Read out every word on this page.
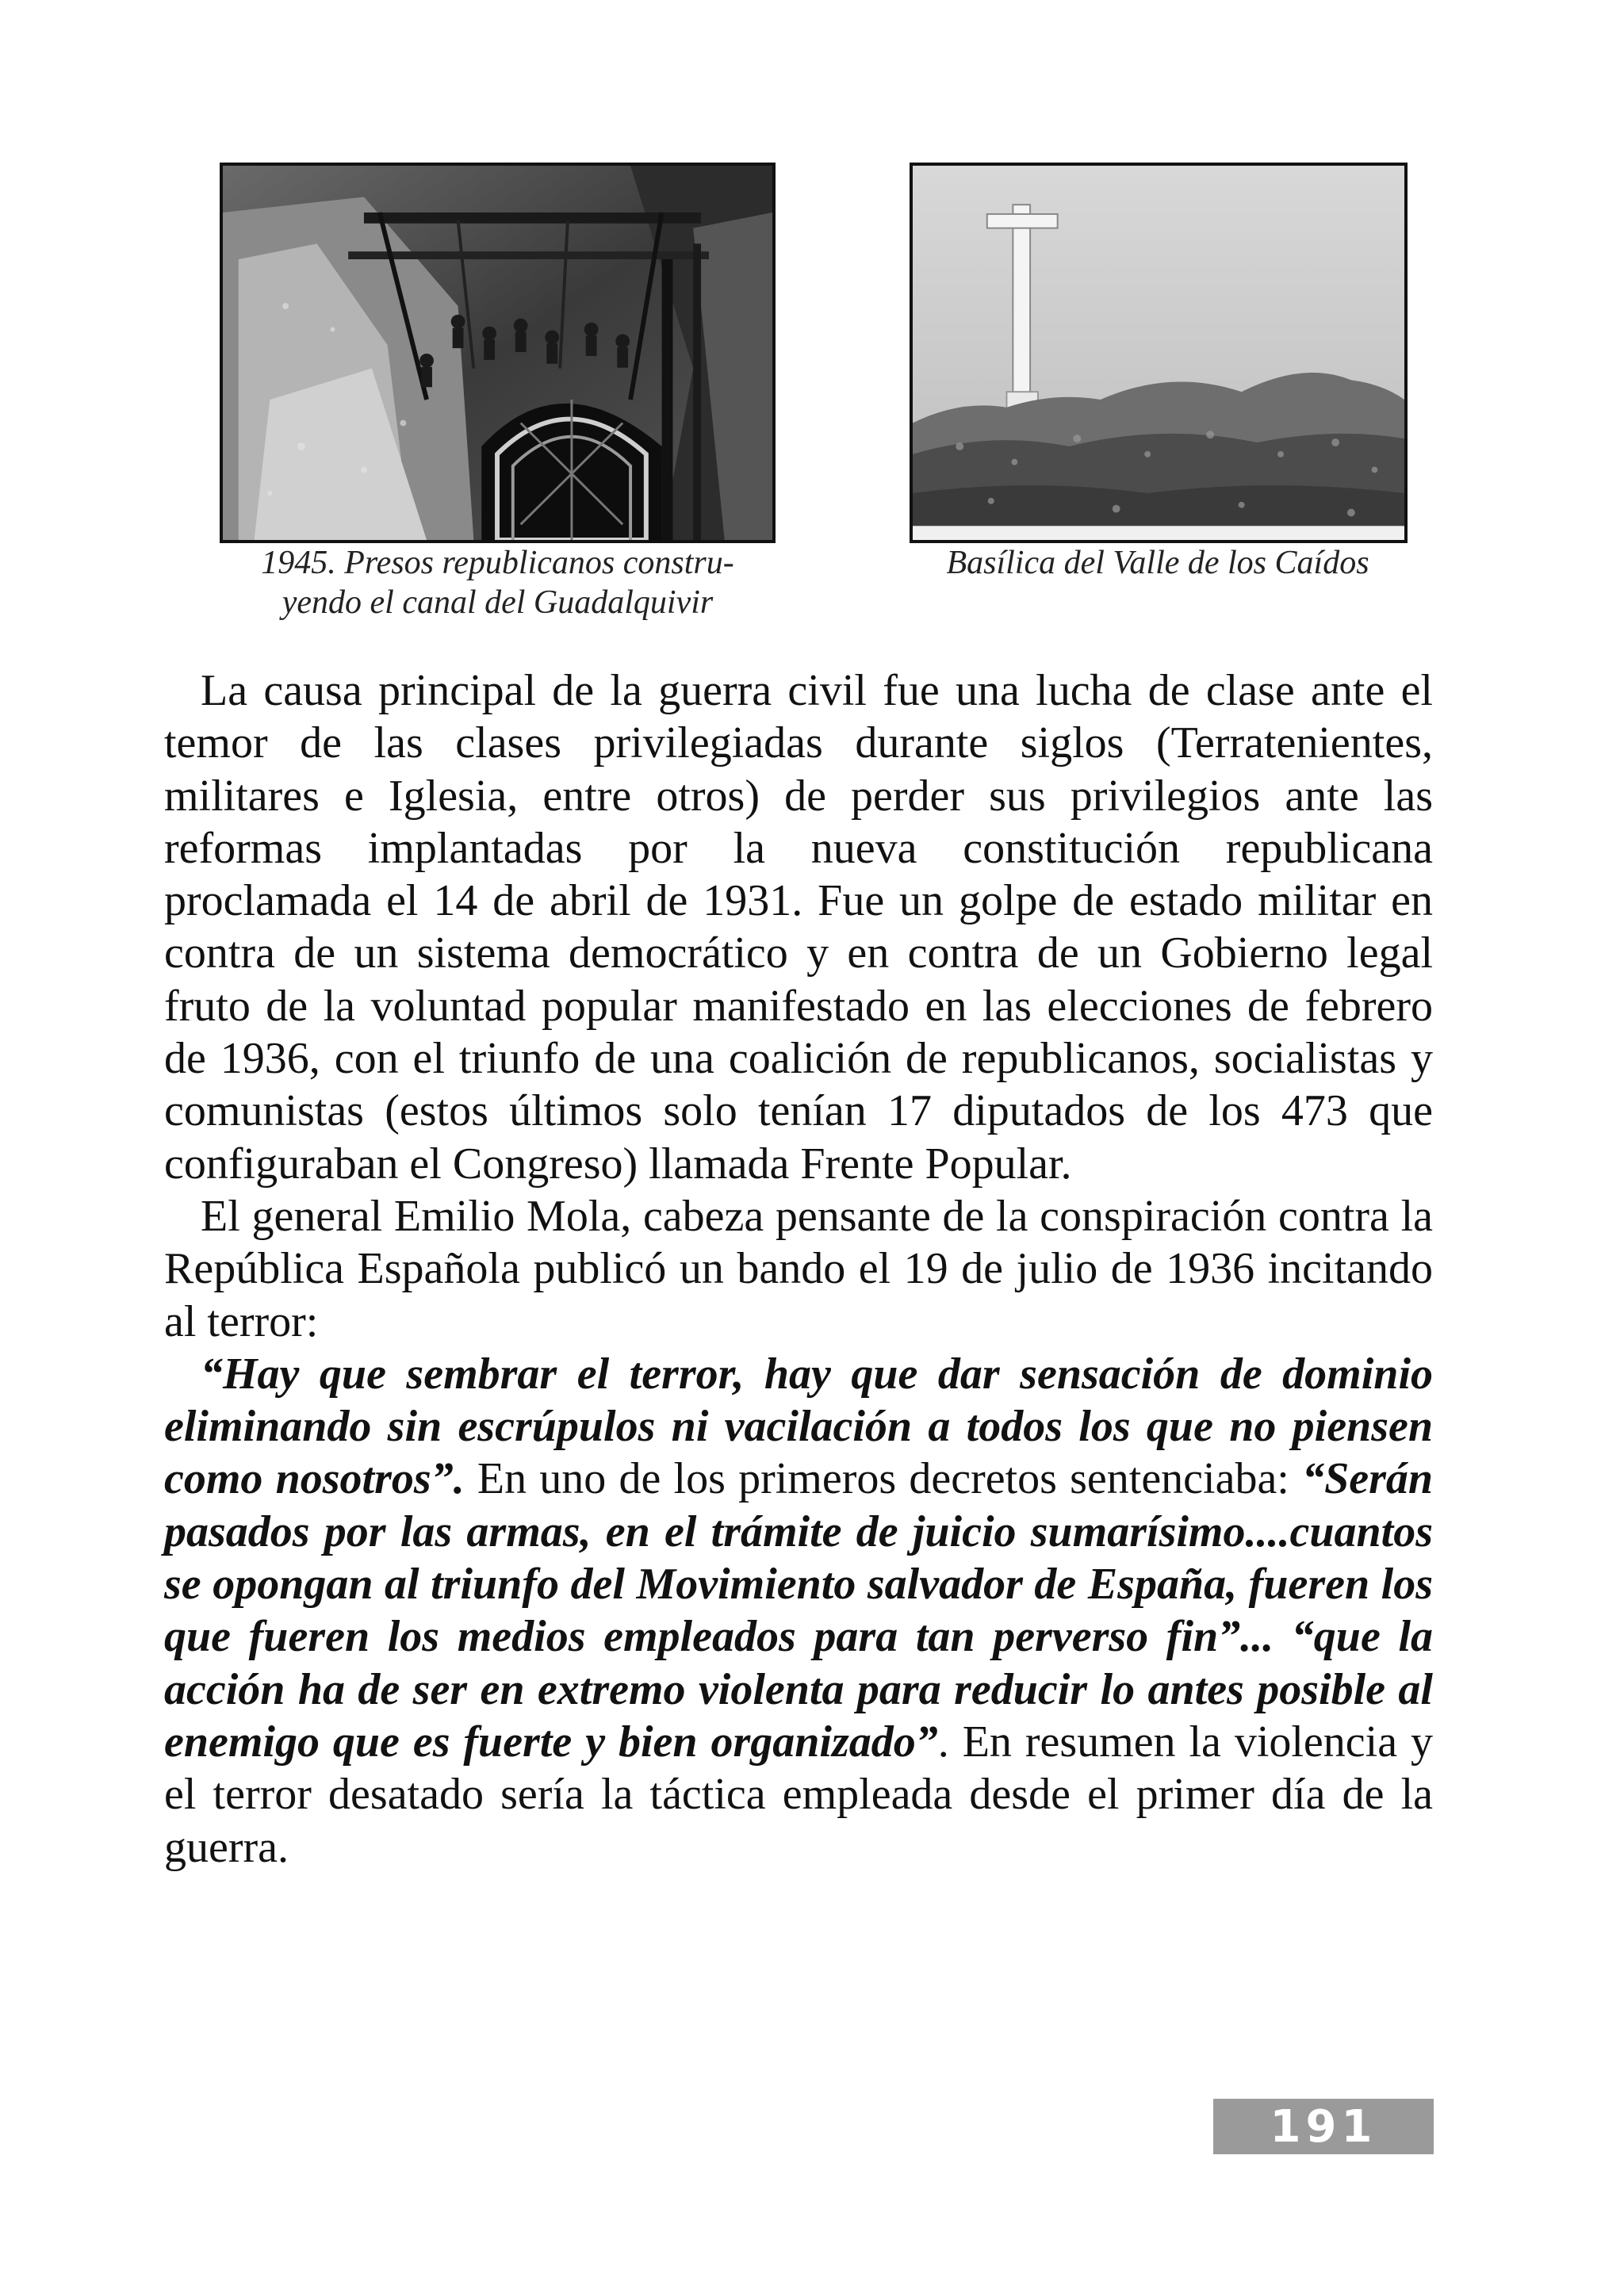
1945. Presos republicanos constru-
yendo el canal del Guadalquivir
Basílica del Valle de los Caídos

La causa principal de la guerra civil fue una lucha de clase ante el temor de las clases privilegiadas durante siglos (Terratenientes, militares e Iglesia, entre otros) de perder sus privilegios ante las reformas implantadas por la nueva constitución republicana proclamada el 14 de abril de 1931. Fue un golpe de estado militar en contra de un sistema democrático y en contra de un Gobierno legal fruto de la voluntad popular manifestado en las elecciones de febrero de 1936, con el triunfo de una coalición de republicanos, socialistas y comunistas (estos últimos solo tenían 17 diputados de los 473 que configuraban el Congreso) llamada Frente Popular.

El general Emilio Mola, cabeza pensante de la conspiración contra la República Española publicó un bando el 19 de julio de 1936 incitando al terror:

“Hay que sembrar el terror, hay que dar sensación de dominio eliminando sin escrúpulos ni vacilación a todos los que no piensen como nosotros”. En uno de los primeros decretos sentenciaba: “Serán pasados por las armas, en el trámite de juicio sumarísimo....cuantos se opongan al triunfo del Movimiento salvador de España, fueren los que fueren los medios empleados para tan perverso fin”... “que la acción ha de ser en extremo violenta para reducir lo antes posible al enemigo que es fuerte y bien organizado”. En resumen la violencia y el terror desatado sería la táctica empleada desde el primer día de la guerra.

191
